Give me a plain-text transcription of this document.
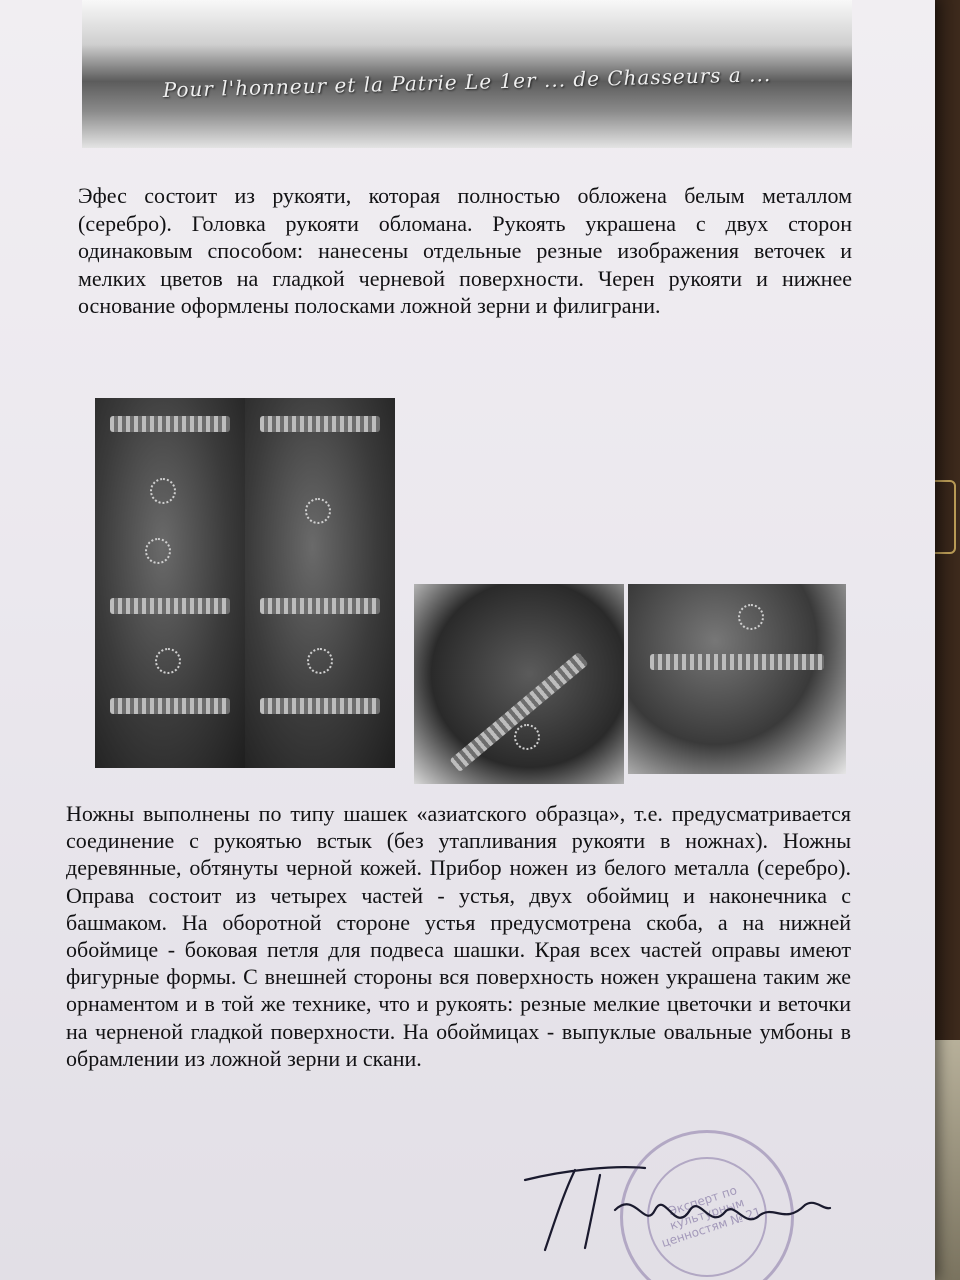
Pour l'honneur et la Patrie Le 1er ... de Chasseurs a ...

Эфес состоит из рукояти, которая полностью обложена белым металлом (серебро). Головка рукояти обломана. Рукоять украшена с двух сторон одинаковым способом: нанесены отдельные резные изображения веточек и мелких цветов на гладкой черневой поверхности. Черен рукояти и нижнее основание оформлены полосками ложной зерни и филиграни.

Ножны выполнены по типу шашек «азиатского образца», т.е. предусматривается соединение с рукоятью встык (без утапливания рукояти в ножнах). Ножны деревянные, обтянуты черной кожей. Прибор ножен из белого металла (серебро). Оправа состоит из четырех частей - устья, двух обоймиц и наконечника с башмаком. На оборотной стороне устья предусмотрена скоба, а на нижней обоймице - боковая петля для подвеса шашки. Края всех частей оправы имеют фигурные формы. С внешней стороны вся поверхность ножен украшена таким же орнаментом и в той же технике, что и рукоять: резные мелкие цветочки и веточки на черненой гладкой поверхности. На обоймицах - выпуклые овальные умбоны в обрамлении из ложной зерни и скани.

Эксперт по культурным ценностям № 21
